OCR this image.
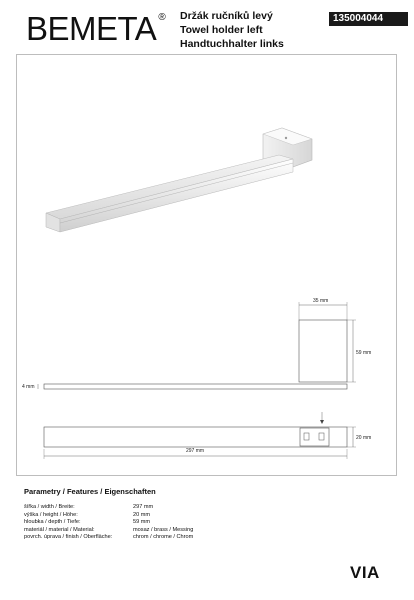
BEMETA ® Držák ručníků levý
Towel holder left
Handtuchhalter links
135004044
35 mm
59 mm
4 mm
20 mm
297 mm
Parametry / Features / Eigenschaften
šířka / width / Breite:	297 mm
výška / height / Höhe:	20 mm
hloubka / depth / Tiefe:	59 mm
materiál / material / Material:	mosaz / brass / Messing
povrch. úprava / finish / Oberfläche:	chrom / chrome / Chrom
VIA
